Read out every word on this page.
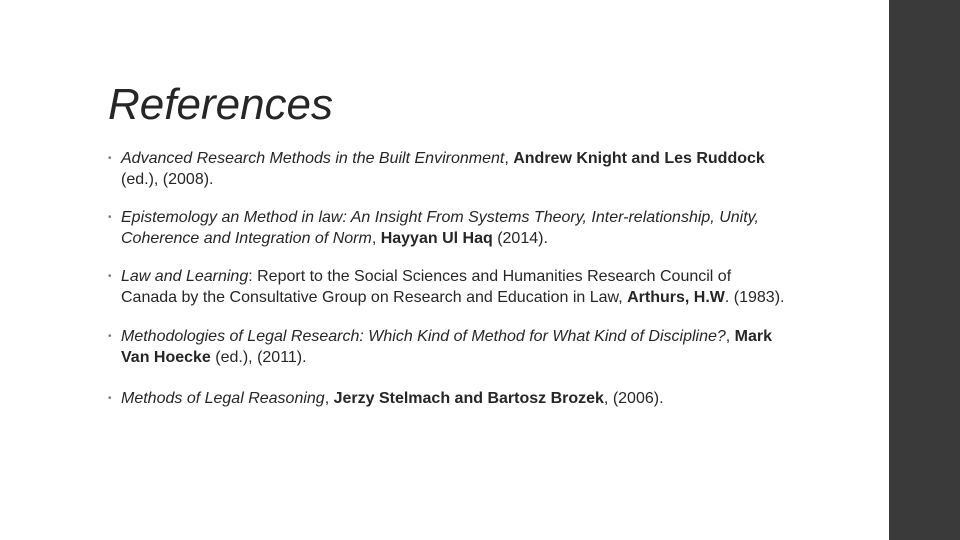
References
• Advanced Research Methods in the Built Environment, Andrew Knight and Les Ruddock (ed.), (2008).
• Epistemology an Method in law: An Insight From Systems Theory, Inter-relationship, Unity, Coherence and Integration of Norm, Hayyan Ul Haq (2014).
• Law and Learning: Report to the Social Sciences and Humanities Research Council of Canada by the Consultative Group on Research and Education in Law, Arthurs, H.W. (1983).
• Methodologies of Legal Research: Which Kind of Method for What Kind of Discipline?, Mark Van Hoecke (ed.), (2011).
• Methods of Legal Reasoning, Jerzy Stelmach and Bartosz Brozek, (2006).
